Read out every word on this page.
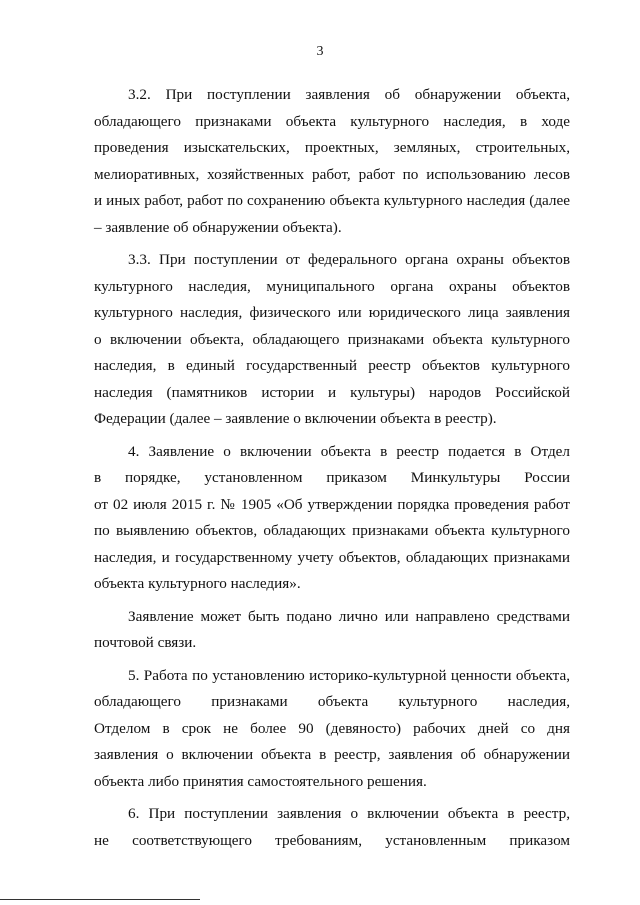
3
3.2. При поступлении заявления об обнаружении объекта,
обладающего признаками объекта культурного наследия, в ходе
проведения изыскательских, проектных, земляных, строительных,
мелиоративных, хозяйственных работ, работ по использованию лесов
и иных работ, работ по сохранению объекта культурного наследия (далее
– заявление об обнаружении объекта).
3.3. При поступлении от федерального органа охраны объектов
культурного наследия, муниципального органа охраны объектов
культурного наследия, физического или юридического лица заявления
о включении объекта, обладающего признаками объекта культурного
наследия, в единый государственный реестр объектов культурного
наследия (памятников истории и культуры) народов Российской
Федерации (далее – заявление о включении объекта в реестр).
4. Заявление о включении объекта в реестр подается в Отдел
в порядке, установленном приказом Минкультуры России
от 02 июля 2015 г. № 1905 «Об утверждении порядка проведения работ
по выявлению объектов, обладающих признаками объекта культурного
наследия, и государственному учету объектов, обладающих признаками
объекта культурного наследия».
Заявление может быть подано лично или направлено средствами
почтовой связи.
5. Работа по установлению историко-культурной ценности объекта,
обладающего признаками объекта культурного наследия,
Отделом в срок не более 90 (девяносто) рабочих дней со дня
заявления о включении объекта в реестр, заявления об обнаружении
объекта либо принятия самостоятельного решения.
6. При поступлении заявления о включении объекта в реестр,
не соответствующего требованиям, установленным приказом
